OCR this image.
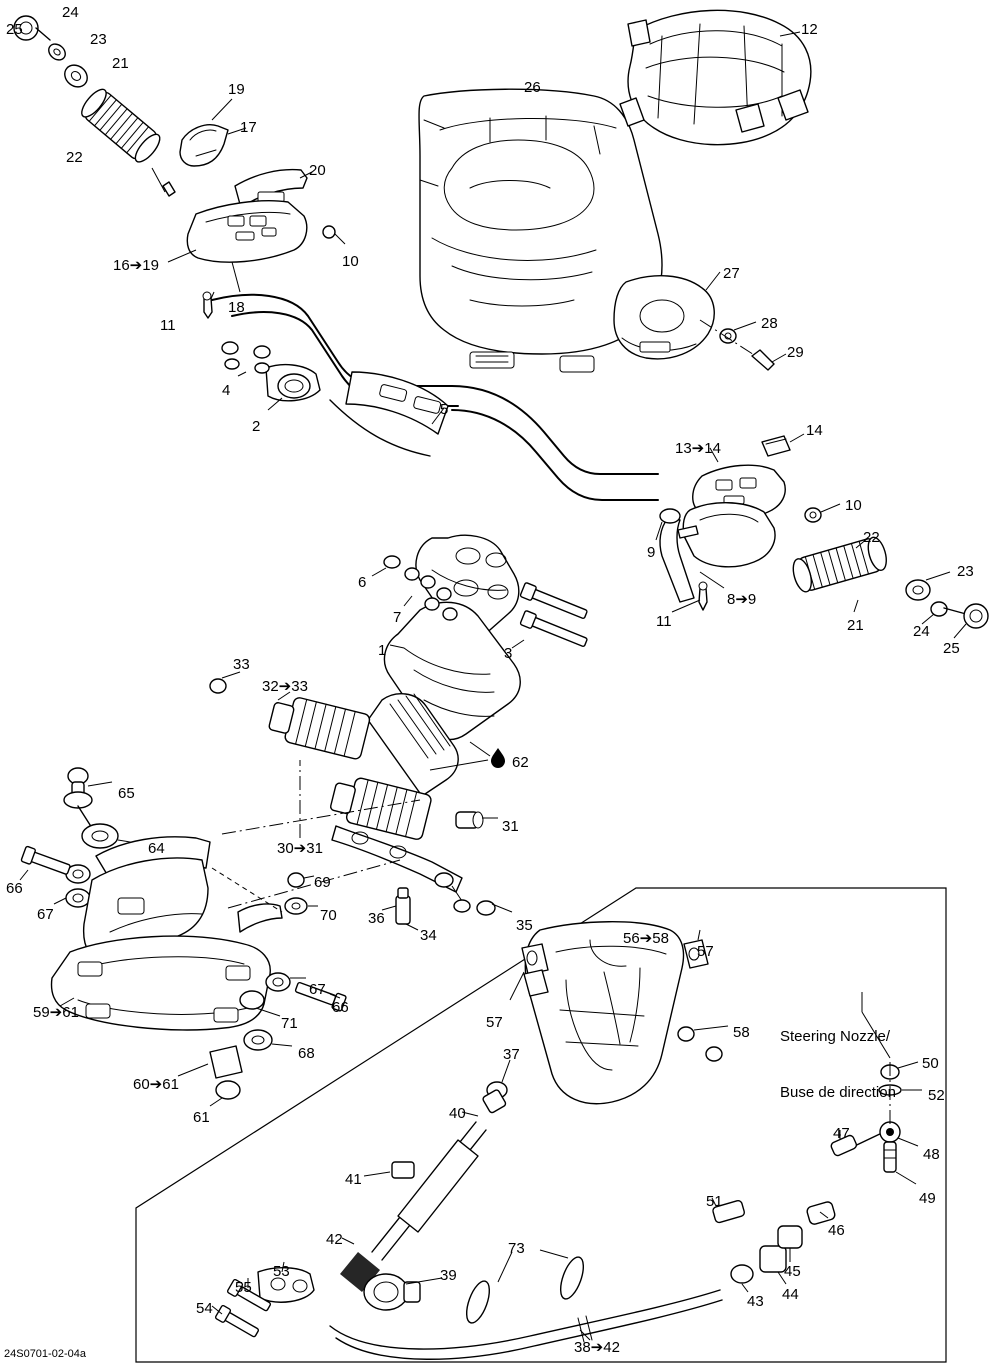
24
25
23
21
19
12
26
17
22
20
10
16➔19
18
11
27
28
29
4
2
5
13➔14
14
10
22
23
9
8➔9
11	21	24
25
6
7
1	3
33
32➔33
62
31
65
64	30➔31
69
36	35
70
66
67
34
67
66
71
59➔61
68
60➔61
61
56➔58
57
57
58
37
50
52
40
47
48
49
41
51
46
42
39
73
53
55
54
45
44
43
38➔42

Steering Nozzle/

Buse de direction

24S0701-02-04a
